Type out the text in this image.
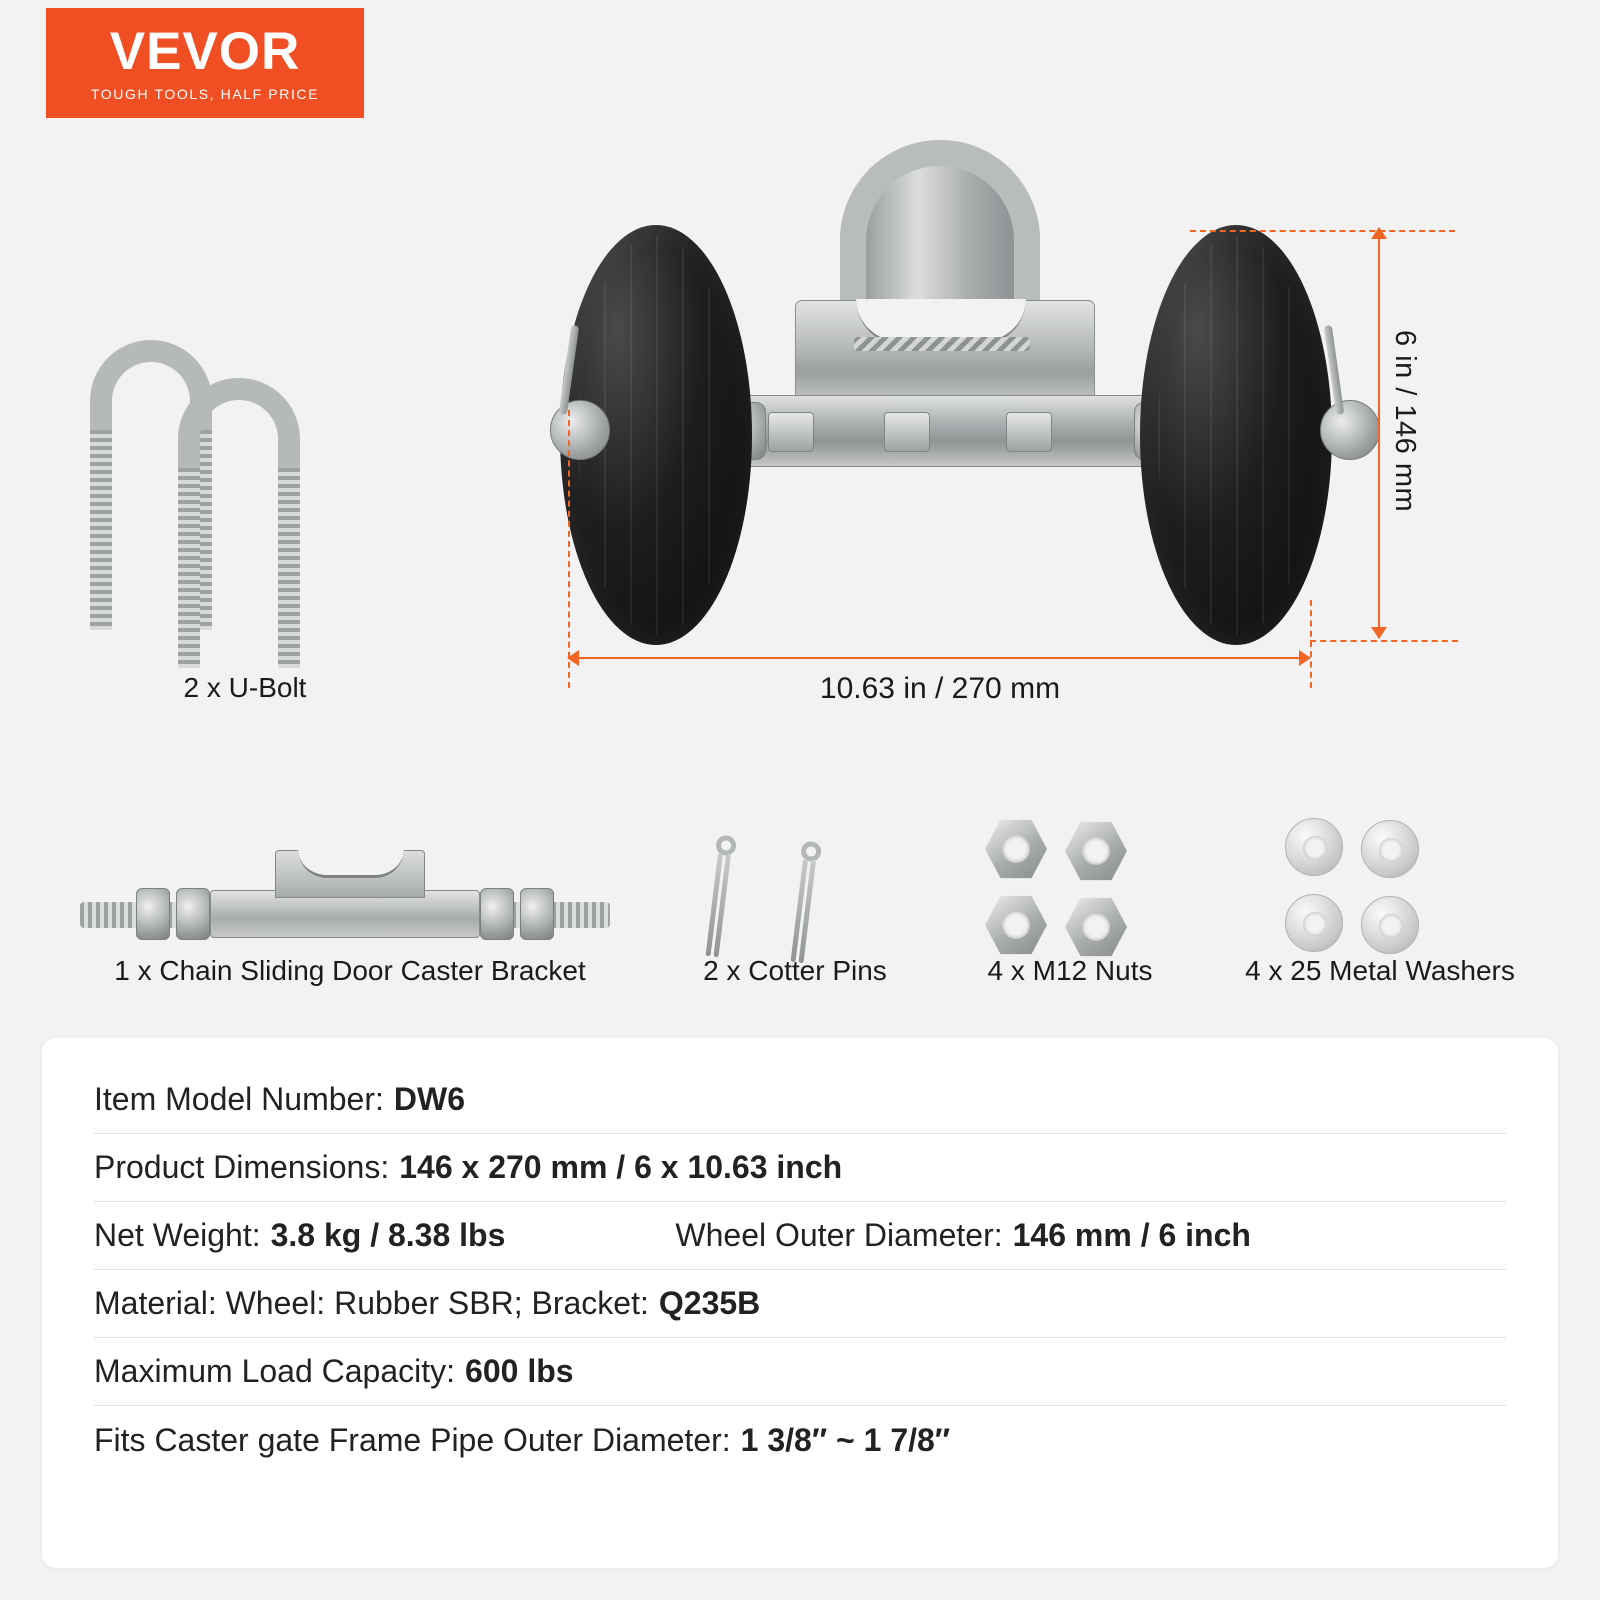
VEVOR
TOUGH TOOLS, HALF PRICE
6 in / 146 mm
10.63 in / 270 mm
2 x U-Bolt
1 x Chain Sliding Door Caster Bracket	2 x Cotter Pins	4 x M12 Nuts	4 x 25 Metal Washers
Item Model Number: DW6
Product Dimensions: 146 x 270 mm / 6 x 10.63 inch
Net Weight: 3.8 kg / 8.38 lbs	Wheel Outer Diameter: 146 mm / 6 inch
Material: Wheel: Rubber SBR; Bracket: Q235B
Maximum Load Capacity: 600 lbs
Fits Caster gate Frame Pipe Outer Diameter: 1 3/8″ ~ 1 7/8″
